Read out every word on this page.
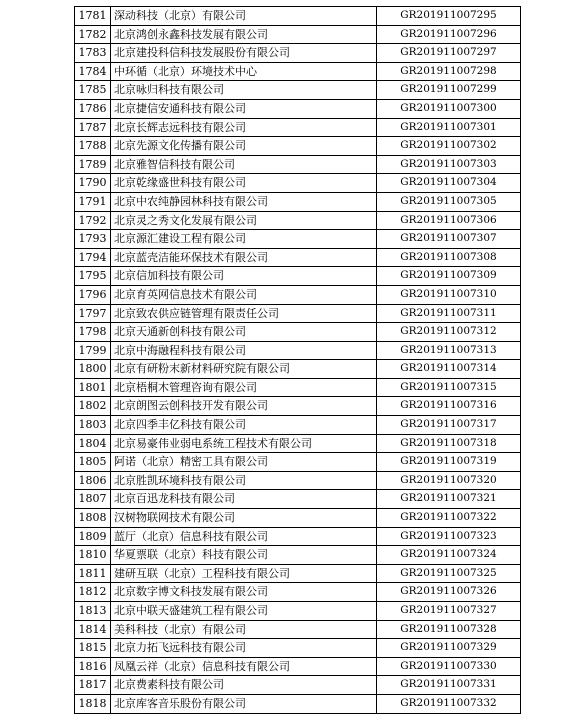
1781	深动科技（北京）有限公司	GR201911007295
1782	北京鸿创永鑫科技发展有限公司	GR201911007296
1783	北京建投科信科技发展股份有限公司	GR201911007297
1784	中环循（北京）环境技术中心	GR201911007298
1785	北京咏归科技有限公司	GR201911007299
1786	北京捷信安通科技有限公司	GR201911007300
1787	北京长辉志远科技有限公司	GR201911007301
1788	北京先源文化传播有限公司	GR201911007302
1789	北京雅智信科技有限公司	GR201911007303
1790	北京乾缘盛世科技有限公司	GR201911007304
1791	北京中农纯静园林科技有限公司	GR201911007305
1792	北京灵之秀文化发展有限公司	GR201911007306
1793	北京源汇建设工程有限公司	GR201911007307
1794	北京蓝壳洁能环保技术有限公司	GR201911007308
1795	北京信加科技有限公司	GR201911007309
1796	北京育英网信息技术有限公司	GR201911007310
1797	北京致农供应链管理有限责任公司	GR201911007311
1798	北京天通新创科技有限公司	GR201911007312
1799	北京中海融程科技有限公司	GR201911007313
1800	北京有研粉末新材料研究院有限公司	GR201911007314
1801	北京梧桐木管理咨询有限公司	GR201911007315
1802	北京朗图云创科技开发有限公司	GR201911007316
1803	北京四季丰亿科技有限公司	GR201911007317
1804	北京易豪伟业弱电系统工程技术有限公司	GR201911007318
1805	阿诺（北京）精密工具有限公司	GR201911007319
1806	北京胜凯环境科技有限公司	GR201911007320
1807	北京百迅龙科技有限公司	GR201911007321
1808	汉树物联网技术有限公司	GR201911007322
1809	蓝厅（北京）信息科技有限公司	GR201911007323
1810	华夏票联（北京）科技有限公司	GR201911007324
1811	建研互联（北京）工程科技有限公司	GR201911007325
1812	北京数字博文科技发展有限公司	GR201911007326
1813	北京中联天盛建筑工程有限公司	GR201911007327
1814	美科科技（北京）有限公司	GR201911007328
1815	北京力拓飞远科技有限公司	GR201911007329
1816	凤凰云祥（北京）信息科技有限公司	GR201911007330
1817	北京费素科技有限公司	GR201911007331
1818	北京库客音乐股份有限公司	GR201911007332
